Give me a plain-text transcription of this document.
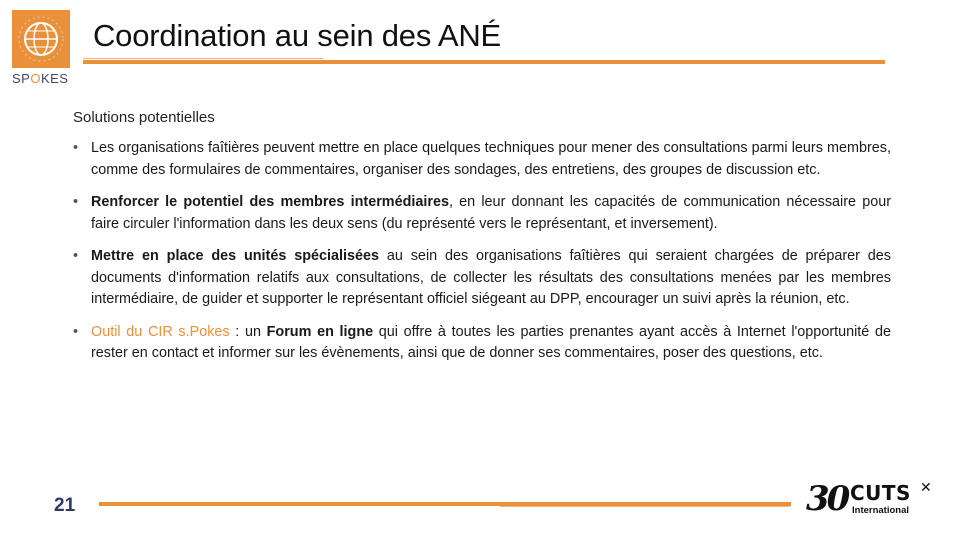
SPOKES
Coordination au sein des ANÉ
Solutions potentielles
• Les organisations faîtières peuvent mettre en place quelques techniques pour mener des consultations parmi leurs membres, comme des formulaires de commentaires, organiser des sondages, des entretiens, des groupes de discussion etc.
• Renforcer le potentiel des membres intermédiaires, en leur donnant les capacités de communication nécessaire pour faire circuler l'information dans les deux sens (du représenté vers le représentant, et inversement).
• Mettre en place des unités spécialisées au sein des organisations faîtières qui seraient chargées de préparer des documents d'information relatifs aux consultations, de collecter les résultats des consultations menées par les membres intermédiaire, de guider et supporter le représentant officiel siégeant au DPP, encourager un suivi après la réunion, etc.
• Outil du CIR s.Pokes : un Forum en ligne qui offre à toutes les parties prenantes ayant accès à Internet l'opportunité de rester en contact et informer sur les évènements, ainsi que de donner ses commentaires, poser des questions, etc.
21	30 CUTS
International
✕
